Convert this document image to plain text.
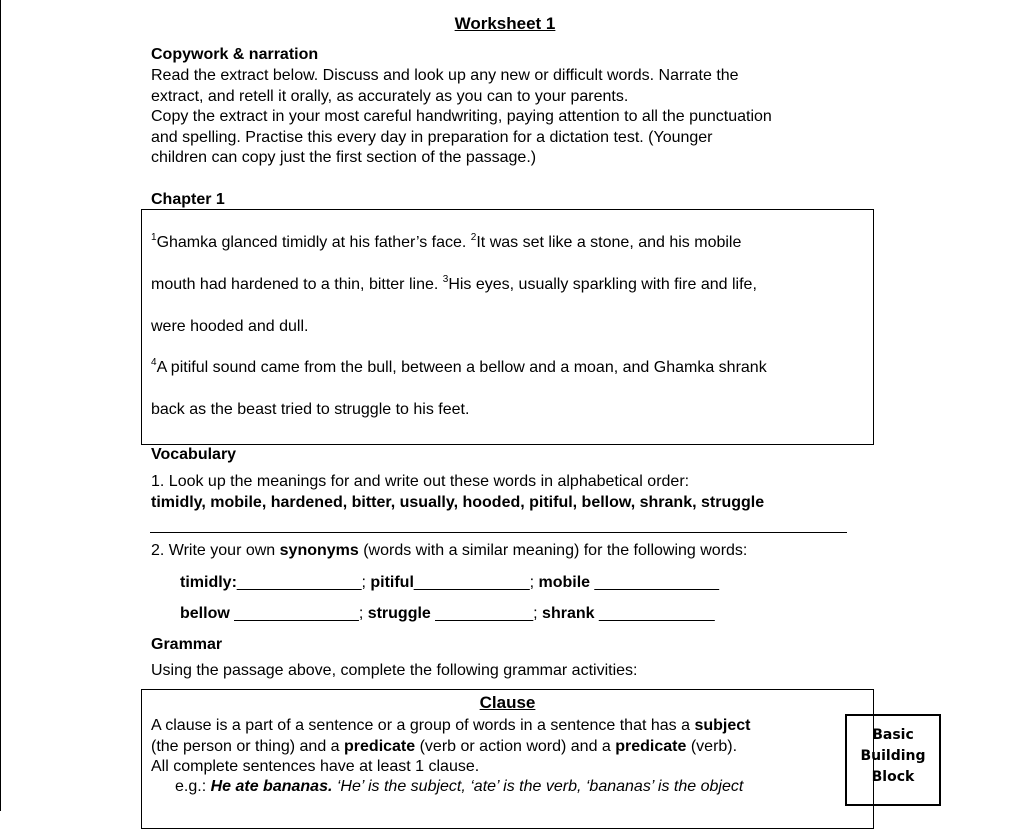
Worksheet 1
Copywork & narration
Read the extract below. Discuss and look up any new or difficult words. Narrate the
extract, and retell it orally, as accurately as you can to your parents.
Copy the extract in your most careful handwriting, paying attention to all the punctuation
and spelling. Practise this every day in preparation for a dictation test. (Younger
children can copy just the first section of the passage.)
Chapter 1
$^1$Ghamka glanced timidly at his father’s face. $^2$It was set like a stone, and his mobile
mouth had hardened to a thin, bitter line. $^3$His eyes, usually sparkling with fire and life,
were hooded and dull.
$^4$A pitiful sound came from the bull, between a bellow and a moan, and Ghamka shrank
back as the beast tried to struggle to his feet.
Vocabulary
1. Look up the meanings for and write out these words in alphabetical order:
timidly, mobile, hardened, bitter, usually, hooded, pitiful, bellow, shrank, struggle
2. Write your own synonyms (words with a similar meaning) for the following words:
timidly:______________; pitiful_____________; mobile ______________
bellow ______________; struggle ___________; shrank _____________
Grammar
Using the passage above, complete the following grammar activities:
Clause
A clause is a part of a sentence or a group of words in a sentence that has a subject
(the person or thing) and a predicate (verb or action word) and a predicate (verb).
All complete sentences have at least 1 clause.
e.g.: He ate bananas. ‘He’ is the subject, ‘ate’ is the verb, ‘bananas’ is the object
Basic
Building
Block
